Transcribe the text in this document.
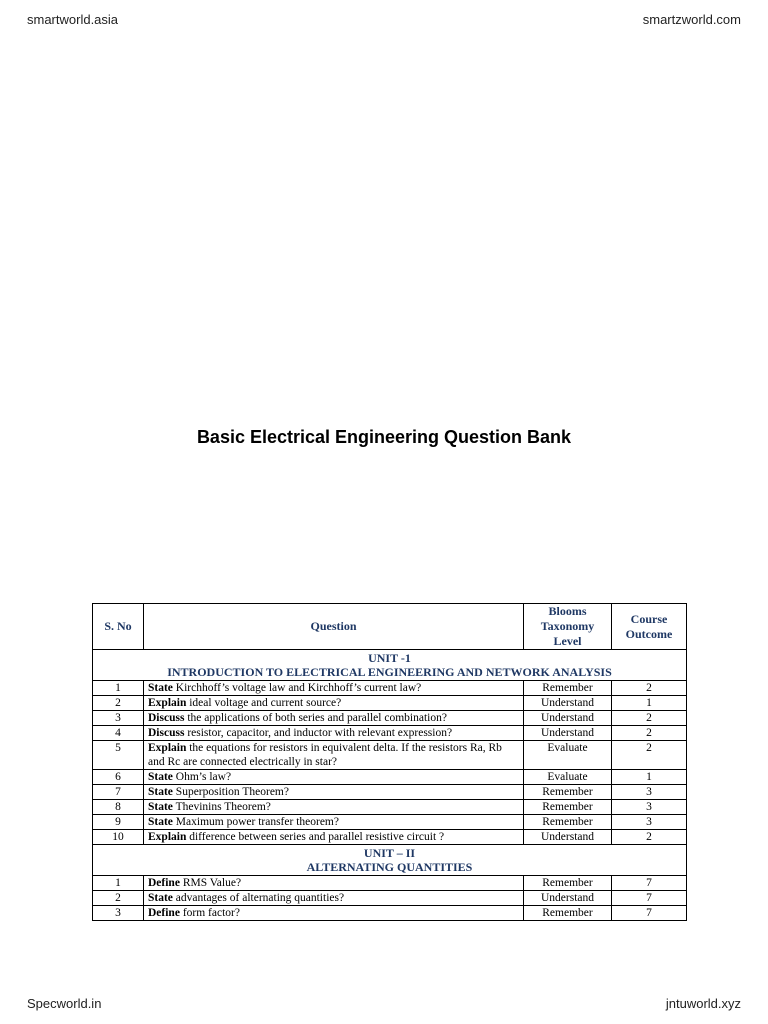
smartworld.asia	smartzworld.com
Basic Electrical Engineering Question Bank
S. No	Question	Blooms Taxonomy Level	Course Outcome

UNIT -1
INTRODUCTION TO ELECTRICAL ENGINEERING AND NETWORK ANALYSIS			

1	State Kirchhoff’s voltage law and Kirchhoff’s current law?	Remember	2
2	Explain ideal voltage and current source?	Understand	1
3	Discuss the applications of both series and parallel combination?	Understand	2
4	Discuss resistor, capacitor, and inductor with relevant expression?	Understand	2
5	Explain the equations for resistors in equivalent delta. If the resistors Ra, Rb and Rc are connected electrically in star?	Evaluate	2
6	State Ohm’s law?	Evaluate	1
7	State Superposition Theorem?	Remember	3
8	State Thevinins Theorem?	Remember	3
9	State Maximum power transfer theorem?	Remember	3
10	Explain difference between series and parallel resistive circuit ?	Understand	2

UNIT – II
ALTERNATING QUANTITIES			

1	Define RMS Value?	Remember	7
2	State advantages of alternating quantities?	Understand	7
3	Define form factor?	Remember	7
Specworld.in	jntuworld.xyz
